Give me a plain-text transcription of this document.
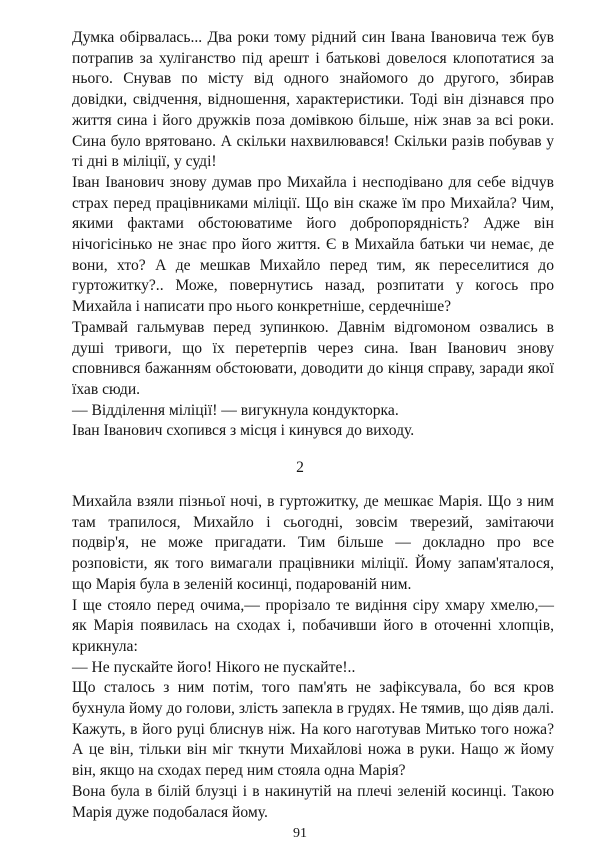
Думка обірвалась... Два роки тому рідний син Івана Івановича теж був потрапив за хуліганство під арешт і батькові довелося клопотатися за нього. Снував по місту від одного знайомого до другого, збирав довідки, свідчення, відношення, характеристики. Тоді він дізнався про життя сина і його дружків поза домівкою більше, ніж знав за всі роки. Сина було врятовано. А скільки нахвилювався! Скільки разів побував у ті дні в міліції, у суді!

Іван Іванович знову думав про Михайла і несподівано для себе відчув страх перед працівниками міліції. Що він скаже їм про Михайла? Чим, якими фактами обстоюватиме його добропорядність? Адже він нічогісінько не знає про його життя. Є в Михайла батьки чи немає, де вони, хто? А де мешкав Михайло перед тим, як переселитися до гуртожитку?.. Може, повернутись назад, розпитати у когось про Михайла і написати про нього конкретніше, сердечніше?

Трамвай гальмував перед зупинкою. Давнім відгомоном озвались в душі тривоги, що їх перетерпів через сина. Іван Іванович знову сповнився бажанням обстоювати, доводити до кінця справу, заради якої їхав сюди.

— Відділення міліції! — вигукнула кондукторка.

Іван Іванович схопився з місця і кинувся до виходу.

2

Михайла взяли пізньої ночі, в гуртожитку, де мешкає Марія. Що з ним там трапилося, Михайло і сьогодні, зовсім тверезий, замітаючи подвір'я, не може пригадати. Тим більше — докладно про все розповісти, як того вимагали працівники міліції. Йому запам'яталося, що Марія була в зеленій косинці, подарованій ним.

І ще стояло перед очима,— прорізало те видіння сіру хмару хмелю,— як Марія появилась на сходах і, побачивши його в оточенні хлопців, крикнула:

— Не пускайте його! Нікого не пускайте!..

Що сталось з ним потім, того пам'ять не зафіксувала, бо вся кров бухнула йому до голови, злість запекла в грудях. Не тямив, що діяв далі. Кажуть, в його руці блиснув ніж. На кого наготував Митько того ножа? А це він, тільки він міг ткнути Михайлові ножа в руки. Нащо ж йому він, якщо на сходах перед ним стояла одна Марія?

Вона була в білій блузці і в накинутій на плечі зеленій косинці. Такою Марія дуже подобалася йому.

91
